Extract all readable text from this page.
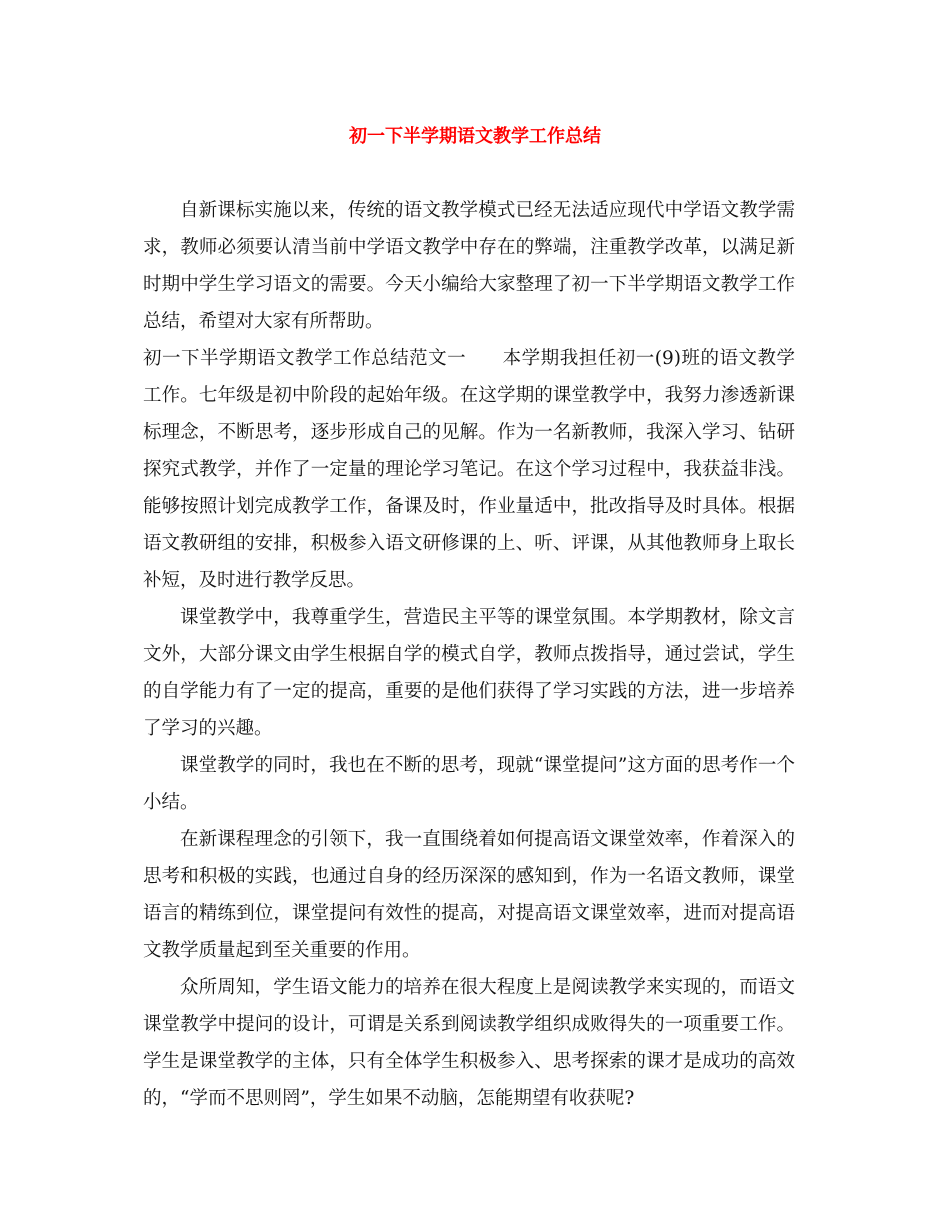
初一下半学期语文教学工作总结

自新课标实施以来，传统的语文教学模式已经无法适应现代中学语文教学需求，教师必须要认清当前中学语文教学中存在的弊端，注重教学改革，以满足新时期中学生学习语文的需要。今天小编给大家整理了初一下半学期语文教学工作总结，希望对大家有所帮助。

初一下半学期语文教学工作总结范文一 本学期我担任初一(9)班的语文教学工作。七年级是初中阶段的起始年级。在这学期的课堂教学中，我努力渗透新课标理念，不断思考，逐步形成自己的见解。作为一名新教师，我深入学习、钻研探究式教学，并作了一定量的理论学习笔记。在这个学习过程中，我获益非浅。能够按照计划完成教学工作，备课及时，作业量适中，批改指导及时具体。根据语文教研组的安排，积极参入语文研修课的上、听、评课，从其他教师身上取长补短，及时进行教学反思。

课堂教学中，我尊重学生，营造民主平等的课堂氛围。本学期教材，除文言文外，大部分课文由学生根据自学的模式自学，教师点拨指导，通过尝试，学生的自学能力有了一定的提高，重要的是他们获得了学习实践的方法，进一步培养了学习的兴趣。

课堂教学的同时，我也在不断的思考，现就“课堂提问”这方面的思考作一个小结。

在新课程理念的引领下，我一直围绕着如何提高语文课堂效率，作着深入的思考和积极的实践，也通过自身的经历深深的感知到，作为一名语文教师，课堂语言的精练到位，课堂提问有效性的提高，对提高语文课堂效率，进而对提高语文教学质量起到至关重要的作用。

众所周知，学生语文能力的培养在很大程度上是阅读教学来实现的，而语文课堂教学中提问的设计，可谓是关系到阅读教学组织成败得失的一项重要工作。学生是课堂教学的主体，只有全体学生积极参入、思考探索的课才是成功的高效的，“学而不思则罔”，学生如果不动脑，怎能期望有收获呢?
